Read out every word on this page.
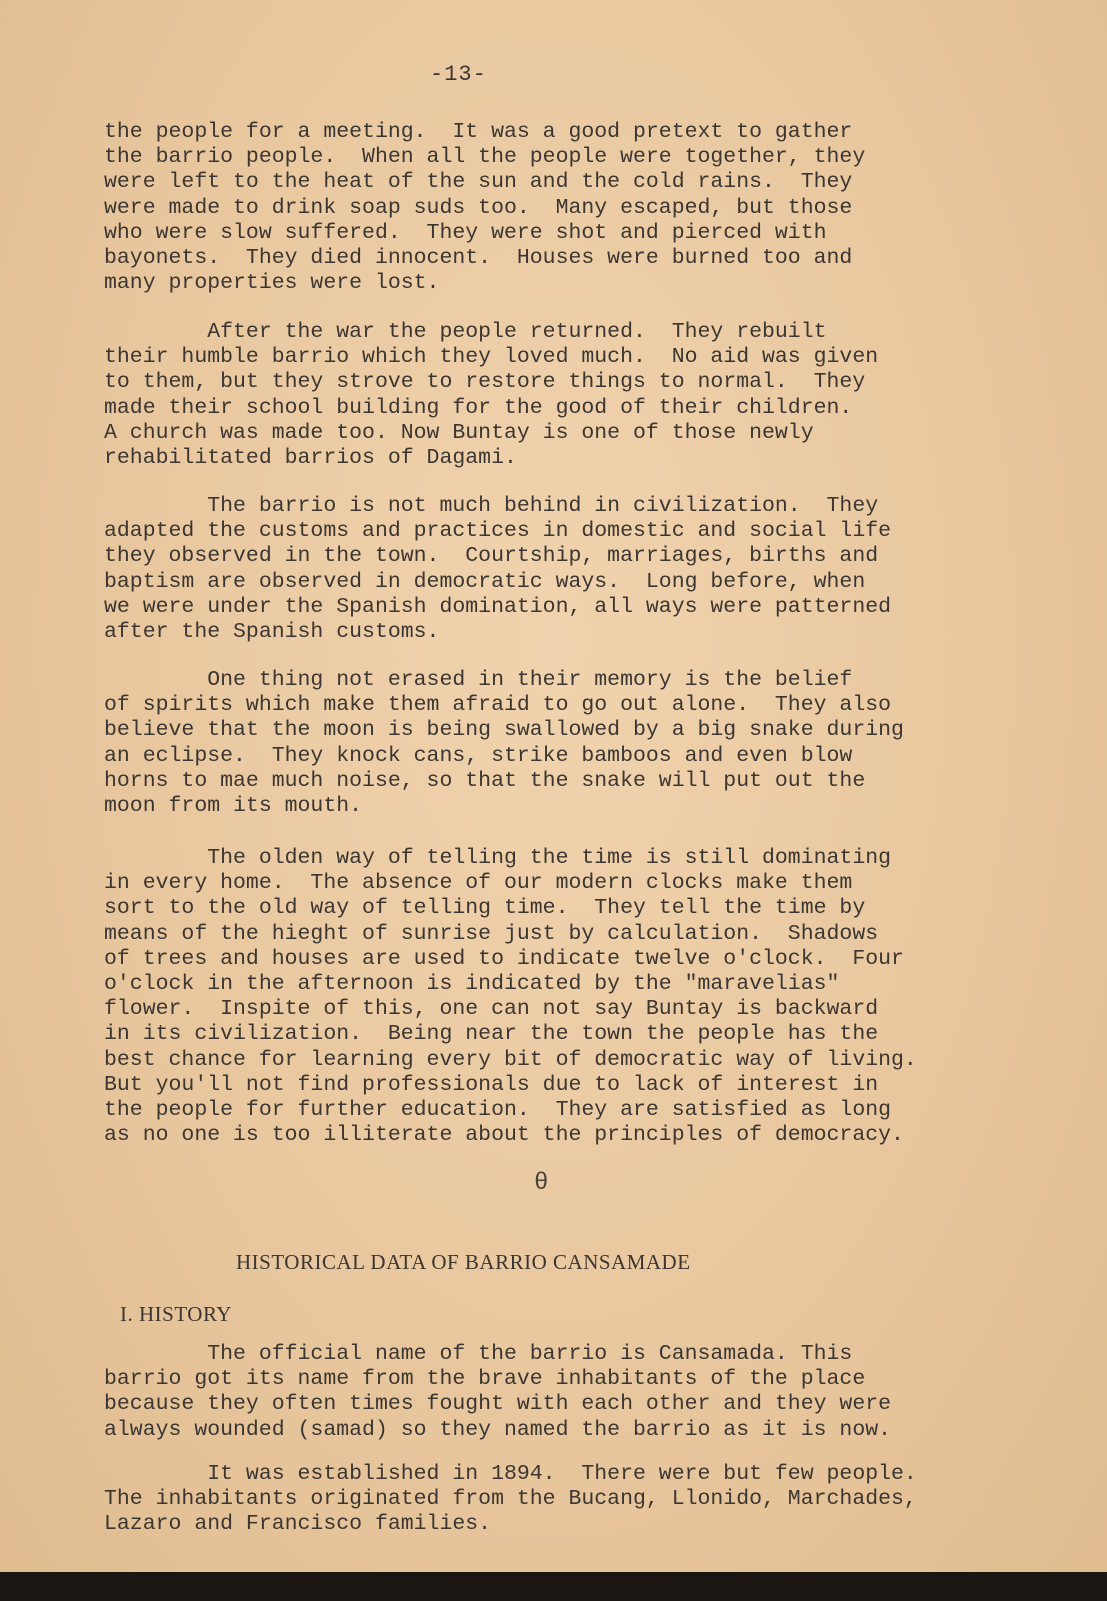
-13-
the people for a meeting.  It was a good pretext to gather
the barrio people.  When all the people were together, they
were left to the heat of the sun and the cold rains.  They
were made to drink soap suds too.  Many escaped, but those
who were slow suffered.  They were shot and pierced with
bayonets.  They died innocent.  Houses were burned too and
many properties were lost.
After the war the people returned.  They rebuilt
their humble barrio which they loved much.  No aid was given
to them, but they strove to restore things to normal.  They
made their school building for the good of their children.
A church was made too. Now Buntay is one of those newly
rehabilitated barrios of Dagami.
The barrio is not much behind in civilization.  They
adapted the customs and practices in domestic and social life
they observed in the town.  Courtship, marriages, births and
baptism are observed in democratic ways.  Long before, when
we were under the Spanish domination, all ways were patterned
after the Spanish customs.
One thing not erased in their memory is the belief
of spirits which make them afraid to go out alone.  They also
believe that the moon is being swallowed by a big snake during
an eclipse.  They knock cans, strike bamboos and even blow
horns to mae much noise, so that the snake will put out the
moon from its mouth.
The olden way of telling the time is still dominating
in every home.  The absence of our modern clocks make them
sort to the old way of telling time.  They tell the time by
means of the hieght of sunrise just by calculation.  Shadows
of trees and houses are used to indicate twelve o'clock.  Four
o'clock in the afternoon is indicated by the "maravelias"
flower.  Inspite of this, one can not say Buntay is backward
in its civilization.  Being near the town the people has the
best chance for learning every bit of democratic way of living.
But you'll not find professionals due to lack of interest in
the people for further education.  They are satisfied as long
as no one is too illiterate about the principles of democracy.
θ
HISTORICAL DATA OF BARRIO CANSAMADE
I. HISTORY
The official name of the barrio is Cansamada. This
barrio got its name from the brave inhabitants of the place
because they often times fought with each other and they were
always wounded (samad) so they named the barrio as it is now.
It was established in 1894.  There were but few people.
The inhabitants originated from the Bucang, Llonido, Marchades,
Lazaro and Francisco families.
